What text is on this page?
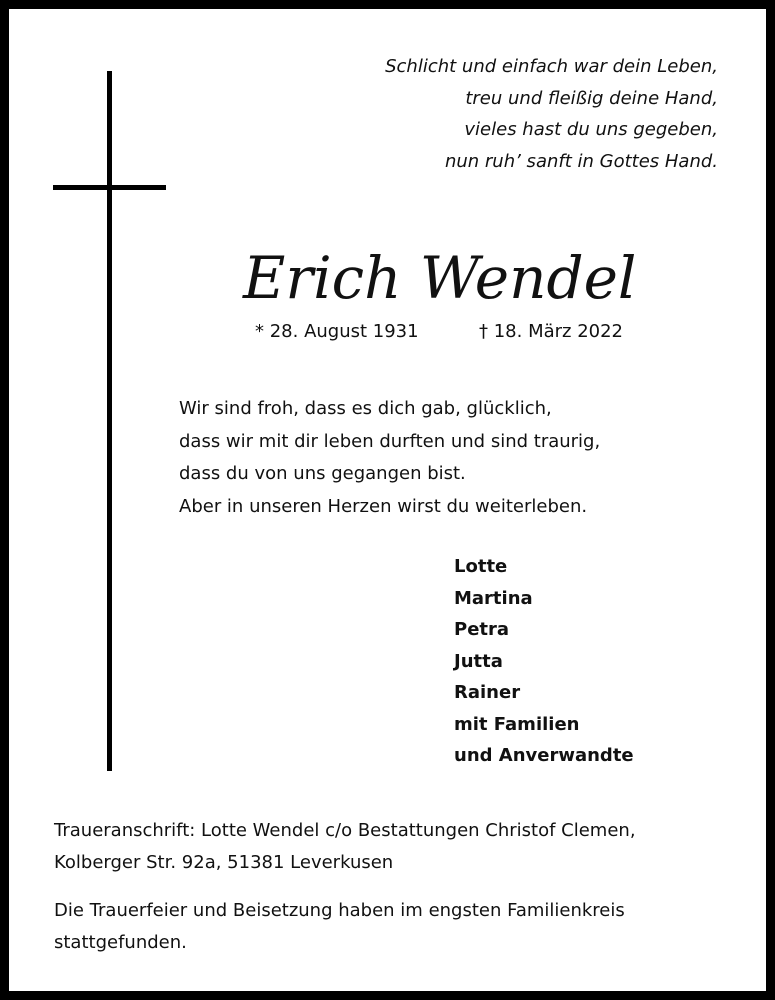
Schlicht und einfach war dein Leben,
treu und fleißig deine Hand,
vieles hast du uns gegeben,
nun ruh’ sanft in Gottes Hand.
Erich Wendel
* 28. August 1931	† 18. März 2022
Wir sind froh, dass es dich gab, glücklich,
dass wir mit dir leben durften und sind traurig,
dass du von uns gegangen bist.
Aber in unseren Herzen wirst du weiterleben.
Lotte
Martina
Petra
Jutta
Rainer
mit Familien
und Anverwandte
Traueranschrift: Lotte Wendel c/o Bestattungen Christof Clemen,
Kolberger Str. 92a, 51381 Leverkusen
Die Trauerfeier und Beisetzung haben im engsten Familienkreis
stattgefunden.
